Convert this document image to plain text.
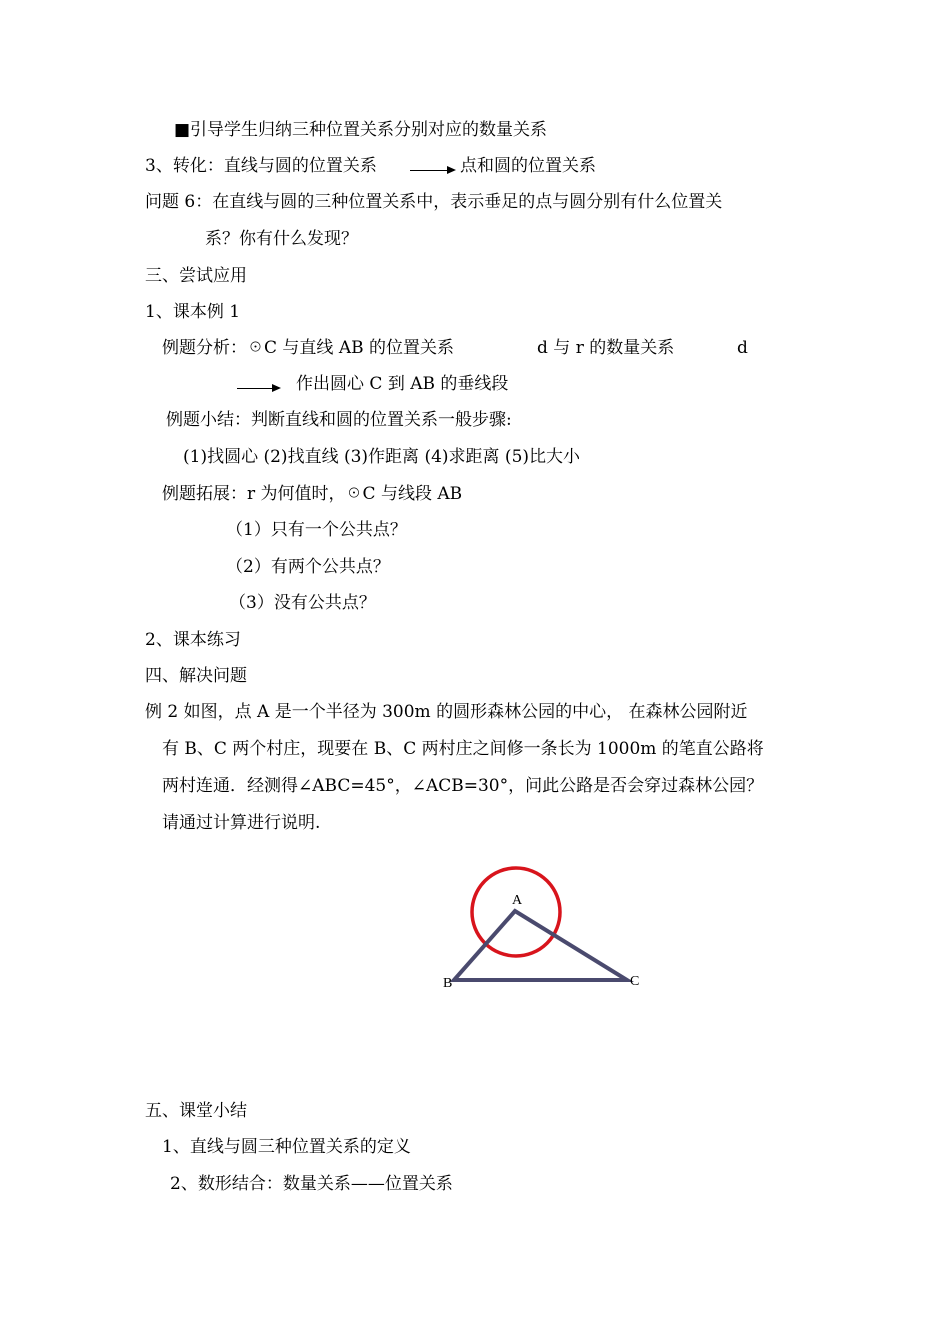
■引导学生归纳三种位置关系分别对应的数量关系
3、转化：直线与圆的位置关系	点和圆的位置关系
问题 6：在直线与圆的三种位置关系中，表示垂足的点与圆分别有什么位置关
系？你有什么发现？
三、尝试应用
1、课本例 1
例题分析：☉C 与直线 AB 的位置关系	d 与 r 的数量关系	d
作出圆心 C 到 AB 的垂线段
例题小结：判断直线和圆的位置关系一般步骤:
(1)找圆心 (2)找直线 (3)作距离 (4)求距离 (5)比大小
例题拓展：r 为何值时，☉C 与线段 AB
（1）只有一个公共点？
（2）有两个公共点？
（3）没有公共点？
2、课本练习
四、解决问题
例 2 如图，点 A 是一个半径为 300m 的圆形森林公园的中心， 在森林公园附近
有 B、C 两个村庄，现要在 B、C 两村庄之间修一条长为 1000m 的笔直公路将
两村连通．经测得∠ABC=45°，∠ACB=30°，问此公路是否会穿过森林公园？
请通过计算进行说明.
A
B	C
五、课堂小结
1、直线与圆三种位置关系的定义
2、数形结合：数量关系——位置关系
